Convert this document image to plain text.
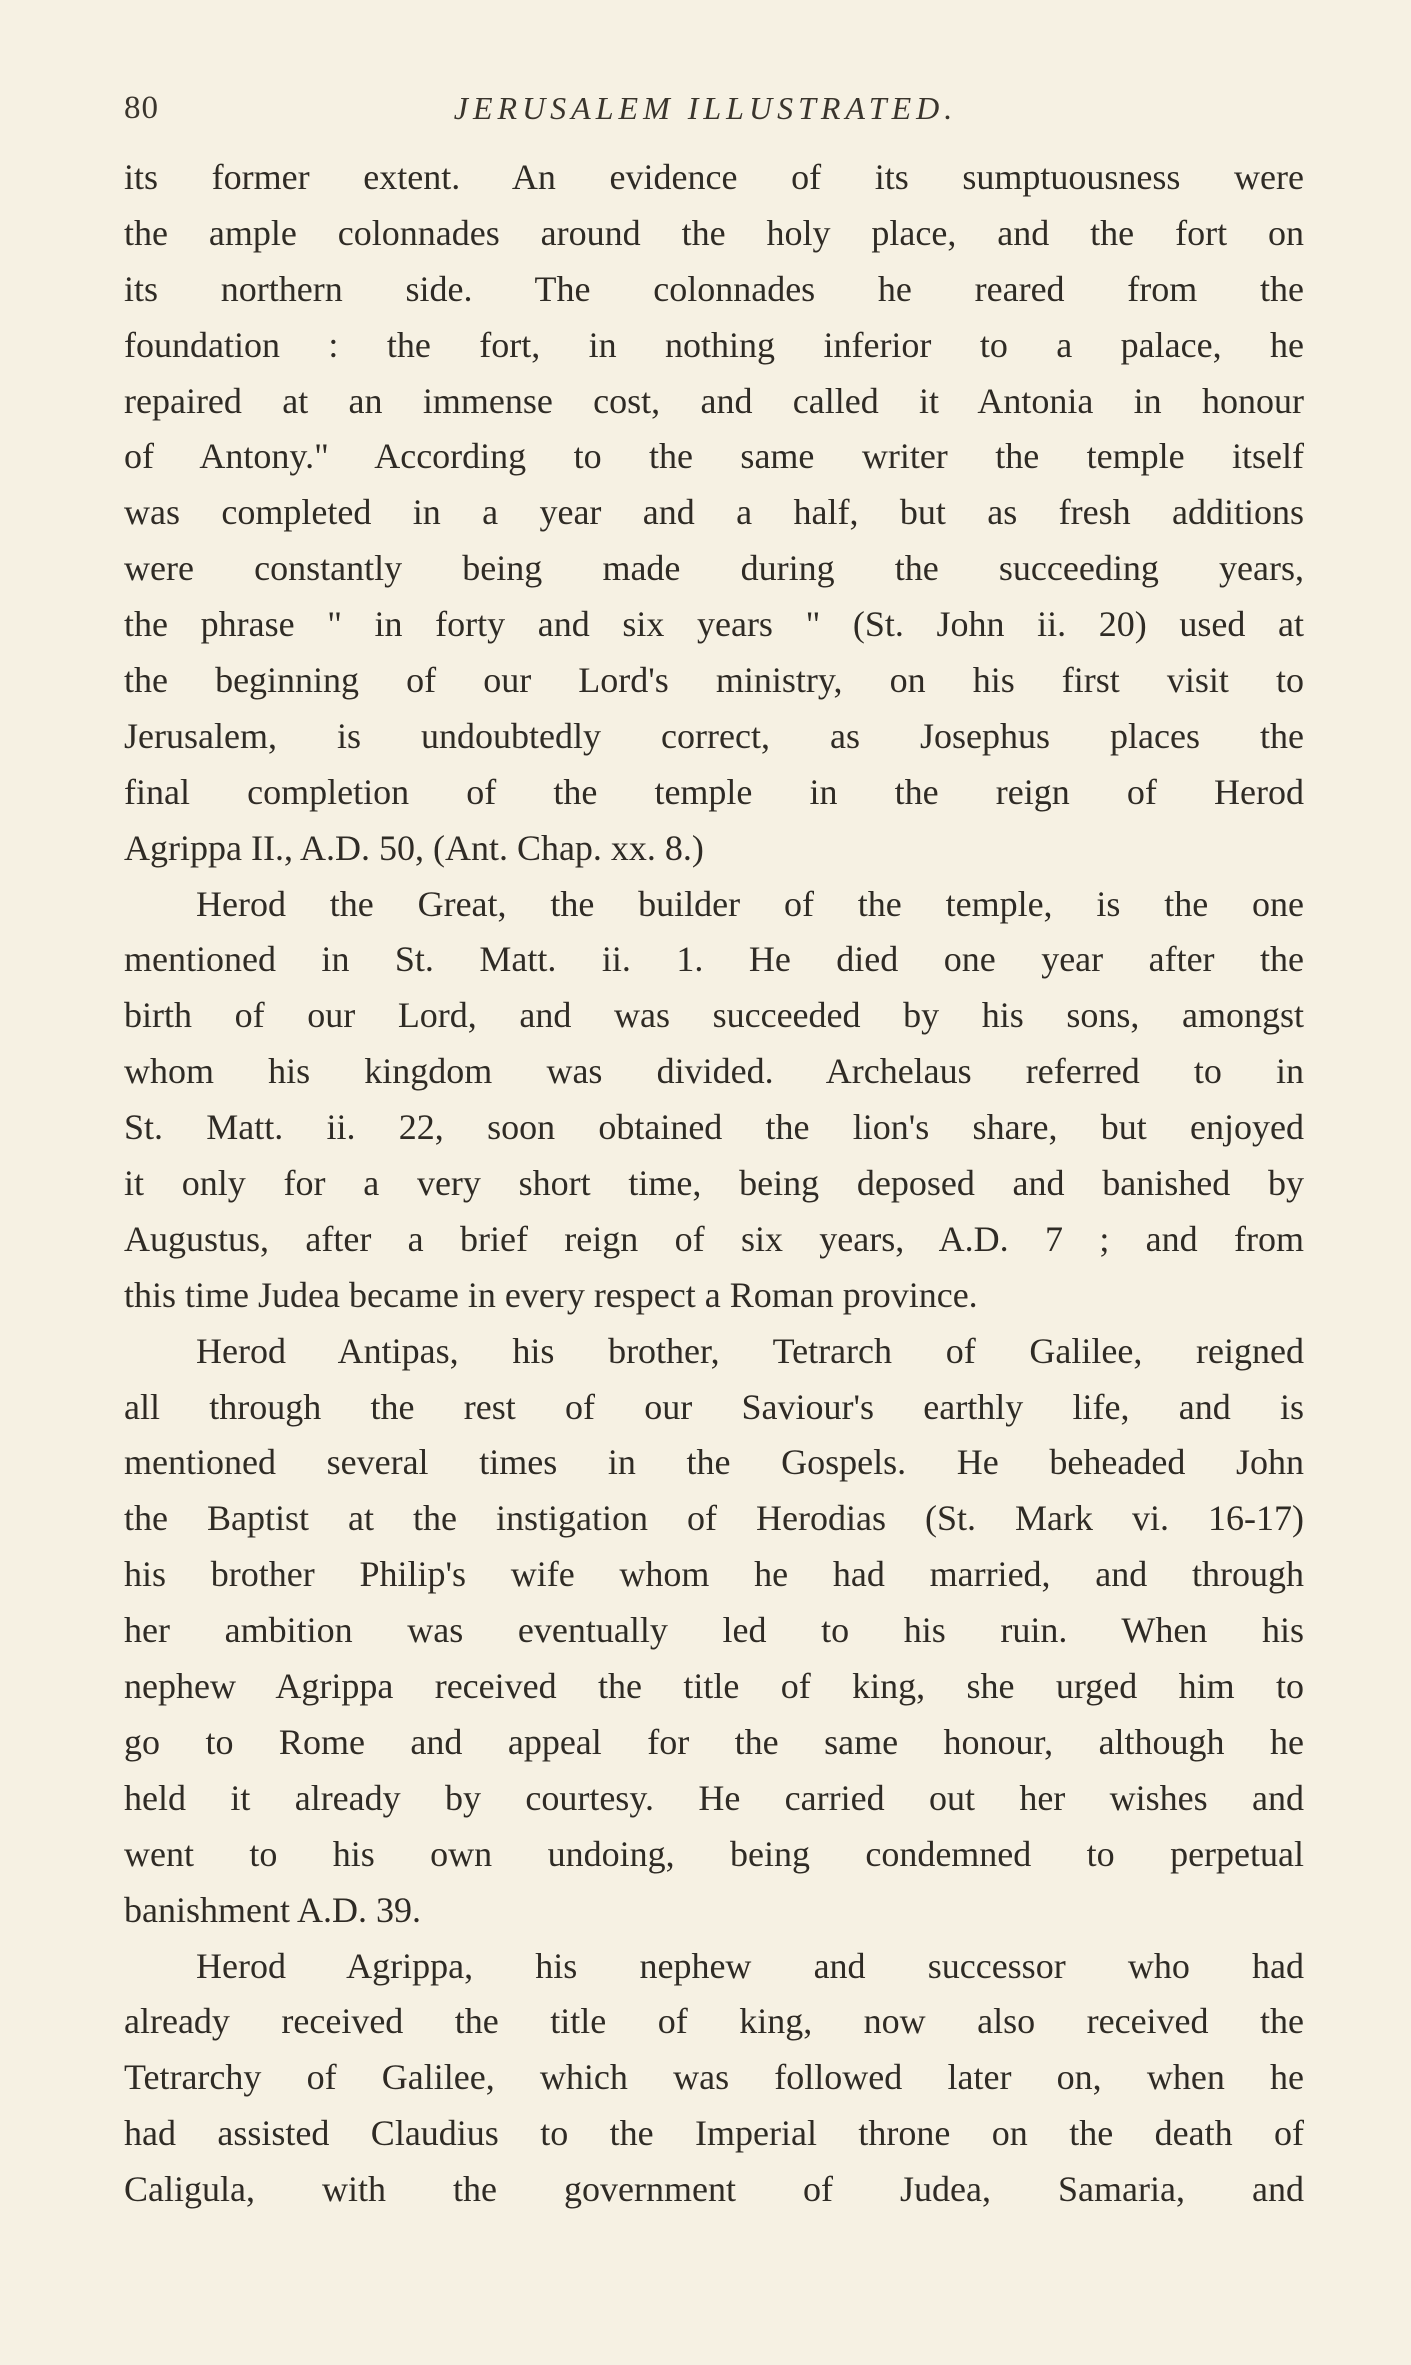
80	JERUSALEM ILLUSTRATED.
its former extent. An evidence of its sumptuousness were
the ample colonnades around the holy place, and the fort on
its northern side. The colonnades he reared from the
foundation : the fort, in nothing inferior to a palace, he
repaired at an immense cost, and called it Antonia in honour
of Antony." According to the same writer the temple itself
was completed in a year and a half, but as fresh additions
were constantly being made during the succeeding years,
the phrase " in forty and six years " (St. John ii. 20) used at
the beginning of our Lord's ministry, on his first visit to
Jerusalem, is undoubtedly correct, as Josephus places the
final completion of the temple in the reign of Herod
Agrippa II., A.D. 50, (Ant. Chap. xx. 8.)
Herod the Great, the builder of the temple, is the one
mentioned in St. Matt. ii. 1. He died one year after the
birth of our Lord, and was succeeded by his sons, amongst
whom his kingdom was divided. Archelaus referred to in
St. Matt. ii. 22, soon obtained the lion's share, but enjoyed
it only for a very short time, being deposed and banished by
Augustus, after a brief reign of six years, A.D. 7 ; and from
this time Judea became in every respect a Roman province.
Herod Antipas, his brother, Tetrarch of Galilee, reigned
all through the rest of our Saviour's earthly life, and is
mentioned several times in the Gospels. He beheaded John
the Baptist at the instigation of Herodias (St. Mark vi. 16-17)
his brother Philip's wife whom he had married, and through
her ambition was eventually led to his ruin. When his
nephew Agrippa received the title of king, she urged him to
go to Rome and appeal for the same honour, although he
held it already by courtesy. He carried out her wishes and
went to his own undoing, being condemned to perpetual
banishment A.D. 39.
Herod Agrippa, his nephew and successor who had
already received the title of king, now also received the
Tetrarchy of Galilee, which was followed later on, when he
had assisted Claudius to the Imperial throne on the death of
Caligula, with the government of Judea, Samaria, and
